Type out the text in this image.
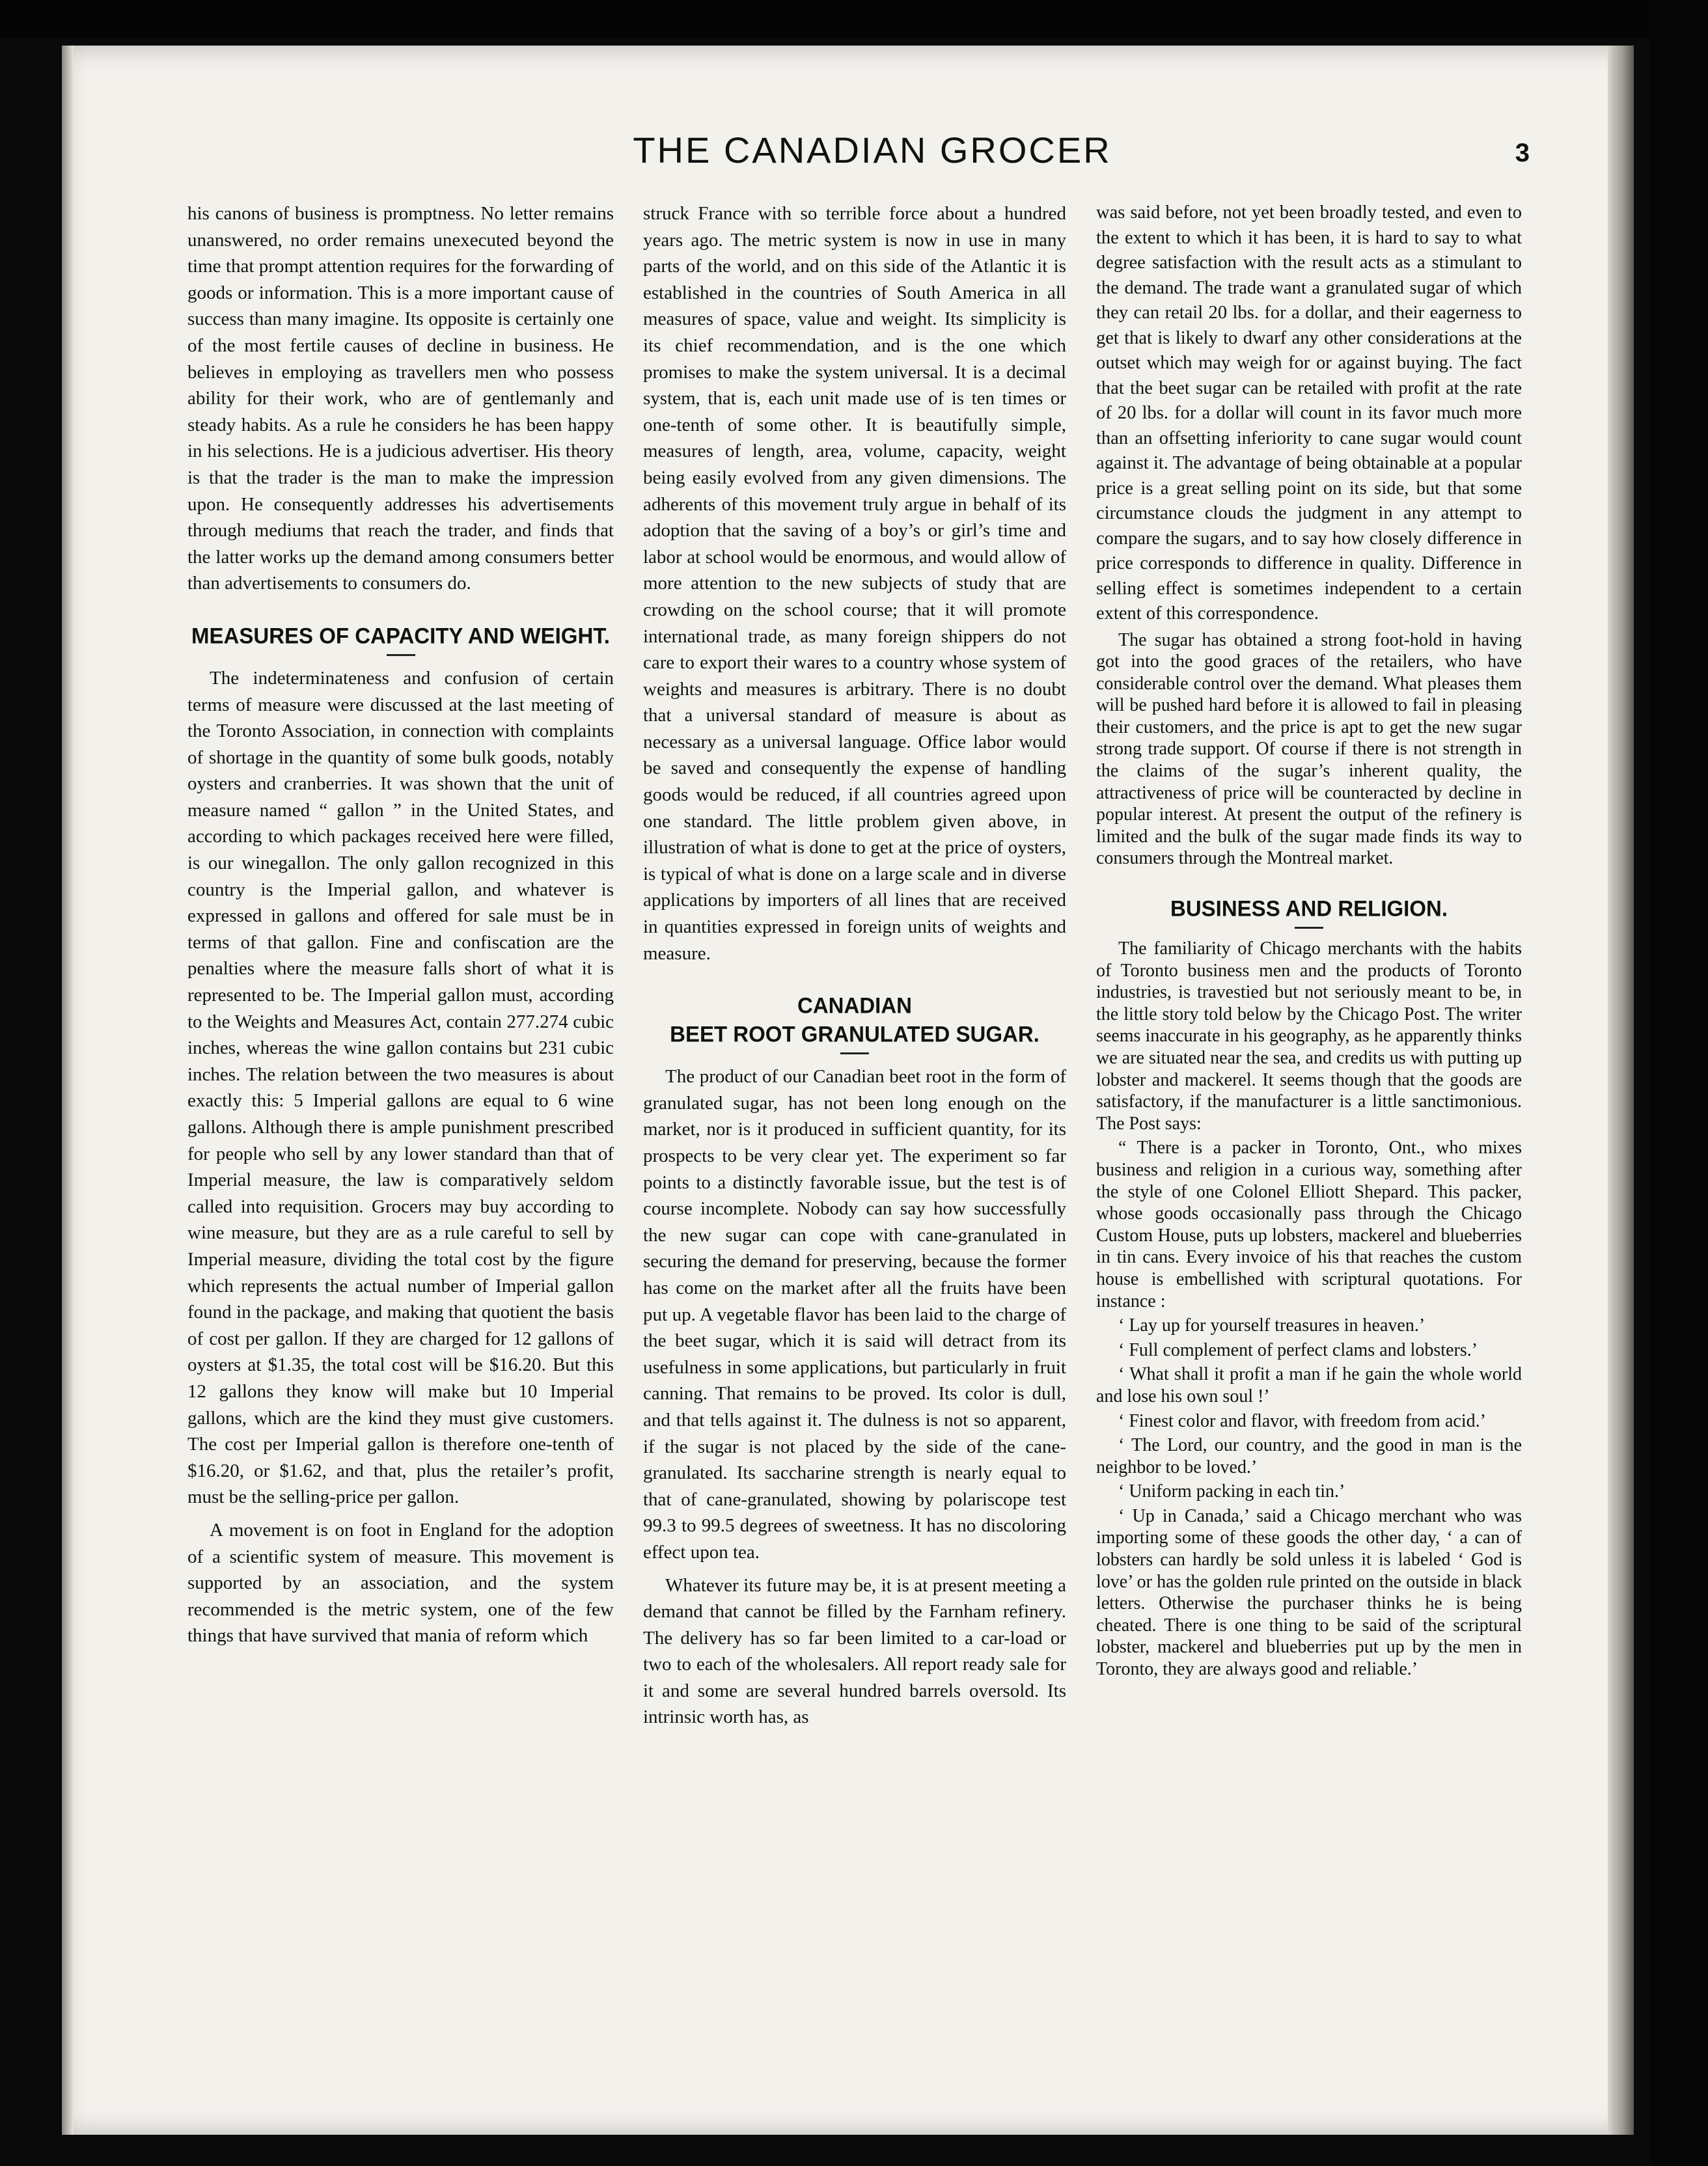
THE CANADIAN GROCER	3

his canons of business is promptness. No letter remains unanswered, no order remains unexecuted beyond the time that prompt attention requires for the forwarding of goods or information. This is a more important cause of success than many imagine. Its opposite is certainly one of the most fertile causes of decline in business. He believes in employing as travellers men who possess ability for their work, who are of gentlemanly and steady habits. As a rule he considers he has been happy in his selections. He is a judicious advertiser. His theory is that the trader is the man to make the impression upon. He consequently addresses his advertisements through mediums that reach the trader, and finds that the latter works up the demand among consumers better than advertisements to consumers do.

MEASURES OF CAPACITY AND WEIGHT.

The indeterminateness and confusion of certain terms of measure were discussed at the last meeting of the Toronto Association, in connection with complaints of shortage in the quantity of some bulk goods, notably oysters and cranberries. It was shown that the unit of measure named “ gallon ” in the United States, and according to which packages received here were filled, is our winegallon. The only gallon recognized in this country is the Imperial gallon, and whatever is expressed in gallons and offered for sale must be in terms of that gallon. Fine and confiscation are the penalties where the measure falls short of what it is represented to be. The Imperial gallon must, according to the Weights and Measures Act, contain 277.274 cubic inches, whereas the wine gallon contains but 231 cubic inches. The relation between the two measures is about exactly this: 5 Imperial gallons are equal to 6 wine gallons. Although there is ample punishment prescribed for people who sell by any lower standard than that of Imperial measure, the law is comparatively seldom called into requisition. Grocers may buy according to wine measure, but they are as a rule careful to sell by Imperial measure, dividing the total cost by the figure which represents the actual number of Imperial gallon found in the package, and making that quotient the basis of cost per gallon. If they are charged for 12 gallons of oysters at $1.35, the total cost will be $16.20. But this 12 gallons they know will make but 10 Imperial gallons, which are the kind they must give customers. The cost per Imperial gallon is therefore one-tenth of $16.20, or $1.62, and that, plus the retailer’s profit, must be the selling-price per gallon.

A movement is on foot in England for the adoption of a scientific system of measure. This movement is supported by an association, and the system recommended is the metric system, one of the few things that have survived that mania of reform which

struck France with so terrible force about a hundred years ago. The metric system is now in use in many parts of the world, and on this side of the Atlantic it is established in the countries of South America in all measures of space, value and weight. Its simplicity is its chief recommendation, and is the one which promises to make the system universal. It is a decimal system, that is, each unit made use of is ten times or one-tenth of some other. It is beautifully simple, measures of length, area, volume, capacity, weight being easily evolved from any given dimensions. The adherents of this movement truly argue in behalf of its adoption that the saving of a boy’s or girl’s time and labor at school would be enormous, and would allow of more attention to the new subjects of study that are crowding on the school course; that it will promote international trade, as many foreign shippers do not care to export their wares to a country whose system of weights and measures is arbitrary. There is no doubt that a universal standard of measure is about as necessary as a universal language. Office labor would be saved and consequently the expense of handling goods would be reduced, if all countries agreed upon one standard. The little problem given above, in illustration of what is done to get at the price of oysters, is typical of what is done on a large scale and in diverse applications by importers of all lines that are received in quantities expressed in foreign units of weights and measure.

CANADIAN
BEET ROOT GRANULATED SUGAR.

The product of our Canadian beet root in the form of granulated sugar, has not been long enough on the market, nor is it produced in sufficient quantity, for its prospects to be very clear yet. The experiment so far points to a distinctly favorable issue, but the test is of course incomplete. Nobody can say how successfully the new sugar can cope with cane-granulated in securing the demand for preserving, because the former has come on the market after all the fruits have been put up. A vegetable flavor has been laid to the charge of the beet sugar, which it is said will detract from its usefulness in some applications, but particularly in fruit canning. That remains to be proved. Its color is dull, and that tells against it. The dulness is not so apparent, if the sugar is not placed by the side of the cane-granulated. Its saccharine strength is nearly equal to that of cane-granulated, showing by polariscope test 99.3 to 99.5 degrees of sweetness. It has no discoloring effect upon tea.

Whatever its future may be, it is at present meeting a demand that cannot be filled by the Farnham refinery. The delivery has so far been limited to a car-load or two to each of the wholesalers. All report ready sale for it and some are several hundred barrels oversold. Its intrinsic worth has, as

was said before, not yet been broadly tested, and even to the extent to which it has been, it is hard to say to what degree satisfaction with the result acts as a stimulant to the demand. The trade want a granulated sugar of which they can retail 20 lbs. for a dollar, and their eagerness to get that is likely to dwarf any other considerations at the outset which may weigh for or against buying. The fact that the beet sugar can be retailed with profit at the rate of 20 lbs. for a dollar will count in its favor much more than an offsetting inferiority to cane sugar would count against it. The advantage of being obtainable at a popular price is a great selling point on its side, but that some circumstance clouds the judgment in any attempt to compare the sugars, and to say how closely difference in price corresponds to difference in quality. Difference in selling effect is sometimes independent to a certain extent of this correspondence.

The sugar has obtained a strong foot-hold in having got into the good graces of the retailers, who have considerable control over the demand. What pleases them will be pushed hard before it is allowed to fail in pleasing their customers, and the price is apt to get the new sugar strong trade support. Of course if there is not strength in the claims of the sugar’s inherent quality, the attractiveness of price will be counteracted by decline in popular interest. At present the output of the refinery is limited and the bulk of the sugar made finds its way to consumers through the Montreal market.

BUSINESS AND RELIGION.

The familiarity of Chicago merchants with the habits of Toronto business men and the products of Toronto industries, is travestied but not seriously meant to be, in the little story told below by the Chicago Post. The writer seems inaccurate in his geography, as he apparently thinks we are situated near the sea, and credits us with putting up lobster and mackerel. It seems though that the goods are satisfactory, if the manufacturer is a little sanctimonious. The Post says:

“ There is a packer in Toronto, Ont., who mixes business and religion in a curious way, something after the style of one Colonel Elliott Shepard. This packer, whose goods occasionally pass through the Chicago Custom House, puts up lobsters, mackerel and blueberries in tin cans. Every invoice of his that reaches the custom house is embellished with scriptural quotations. For instance :

‘ Lay up for yourself treasures in heaven.’

‘ Full complement of perfect clams and lobsters.’

‘ What shall it profit a man if he gain the whole world and lose his own soul !’

‘ Finest color and flavor, with freedom from acid.’

‘ The Lord, our country, and the good in man is the neighbor to be loved.’

‘ Uniform packing in each tin.’

‘ Up in Canada,’ said a Chicago merchant who was importing some of these goods the other day, ‘ a can of lobsters can hardly be sold unless it is labeled ‘ God is love’ or has the golden rule printed on the outside in black letters. Otherwise the purchaser thinks he is being cheated. There is one thing to be said of the scriptural lobster, mackerel and blueberries put up by the men in Toronto, they are always good and reliable.’
